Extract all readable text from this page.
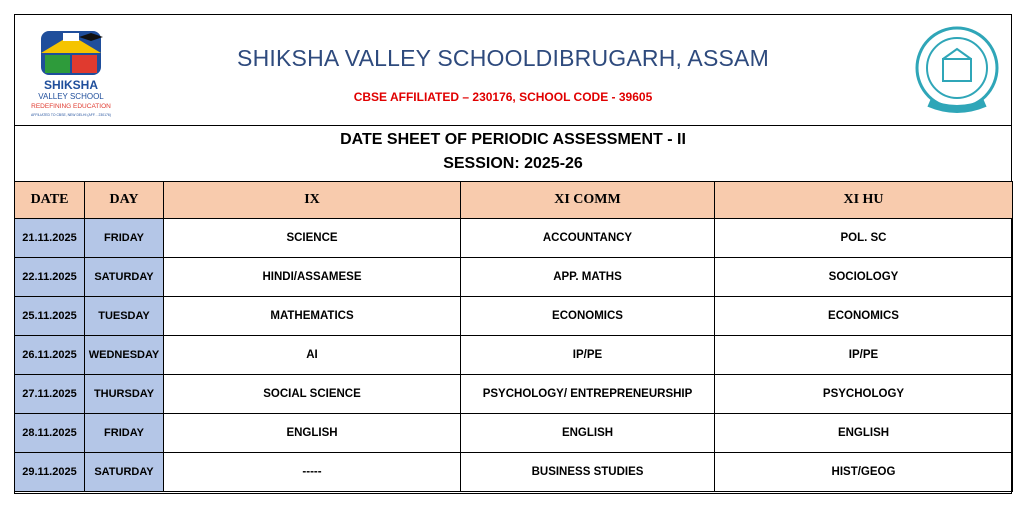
SHIKSHA
VALLEY SCHOOL
REDEFINING EDUCATION
AFFILIATED TO CBSE, NEW DELHI (AFF. - 230176)
SHIKSHA VALLEY SCHOOLDIBRUGARH, ASSAM
CBSE AFFILIATED – 230176, SCHOOL CODE - 39605
DATE SHEET OF PERIODIC ASSESSMENT - II
SESSION: 2025-26
DATE	DAY	IX	XI COMM	XI HU
21.11.2025	FRIDAY	SCIENCE	ACCOUNTANCY	POL. SC
22.11.2025	SATURDAY	HINDI/ASSAMESE	APP. MATHS	SOCIOLOGY
25.11.2025	TUESDAY	MATHEMATICS	ECONOMICS	ECONOMICS
26.11.2025	WEDNESDAY	AI	IP/PE	IP/PE
27.11.2025	THURSDAY	SOCIAL SCIENCE	PSYCHOLOGY/ ENTREPRENEURSHIP	PSYCHOLOGY
28.11.2025	FRIDAY	ENGLISH	ENGLISH	ENGLISH
29.11.2025	SATURDAY	-----	BUSINESS STUDIES	HIST/GEOG
